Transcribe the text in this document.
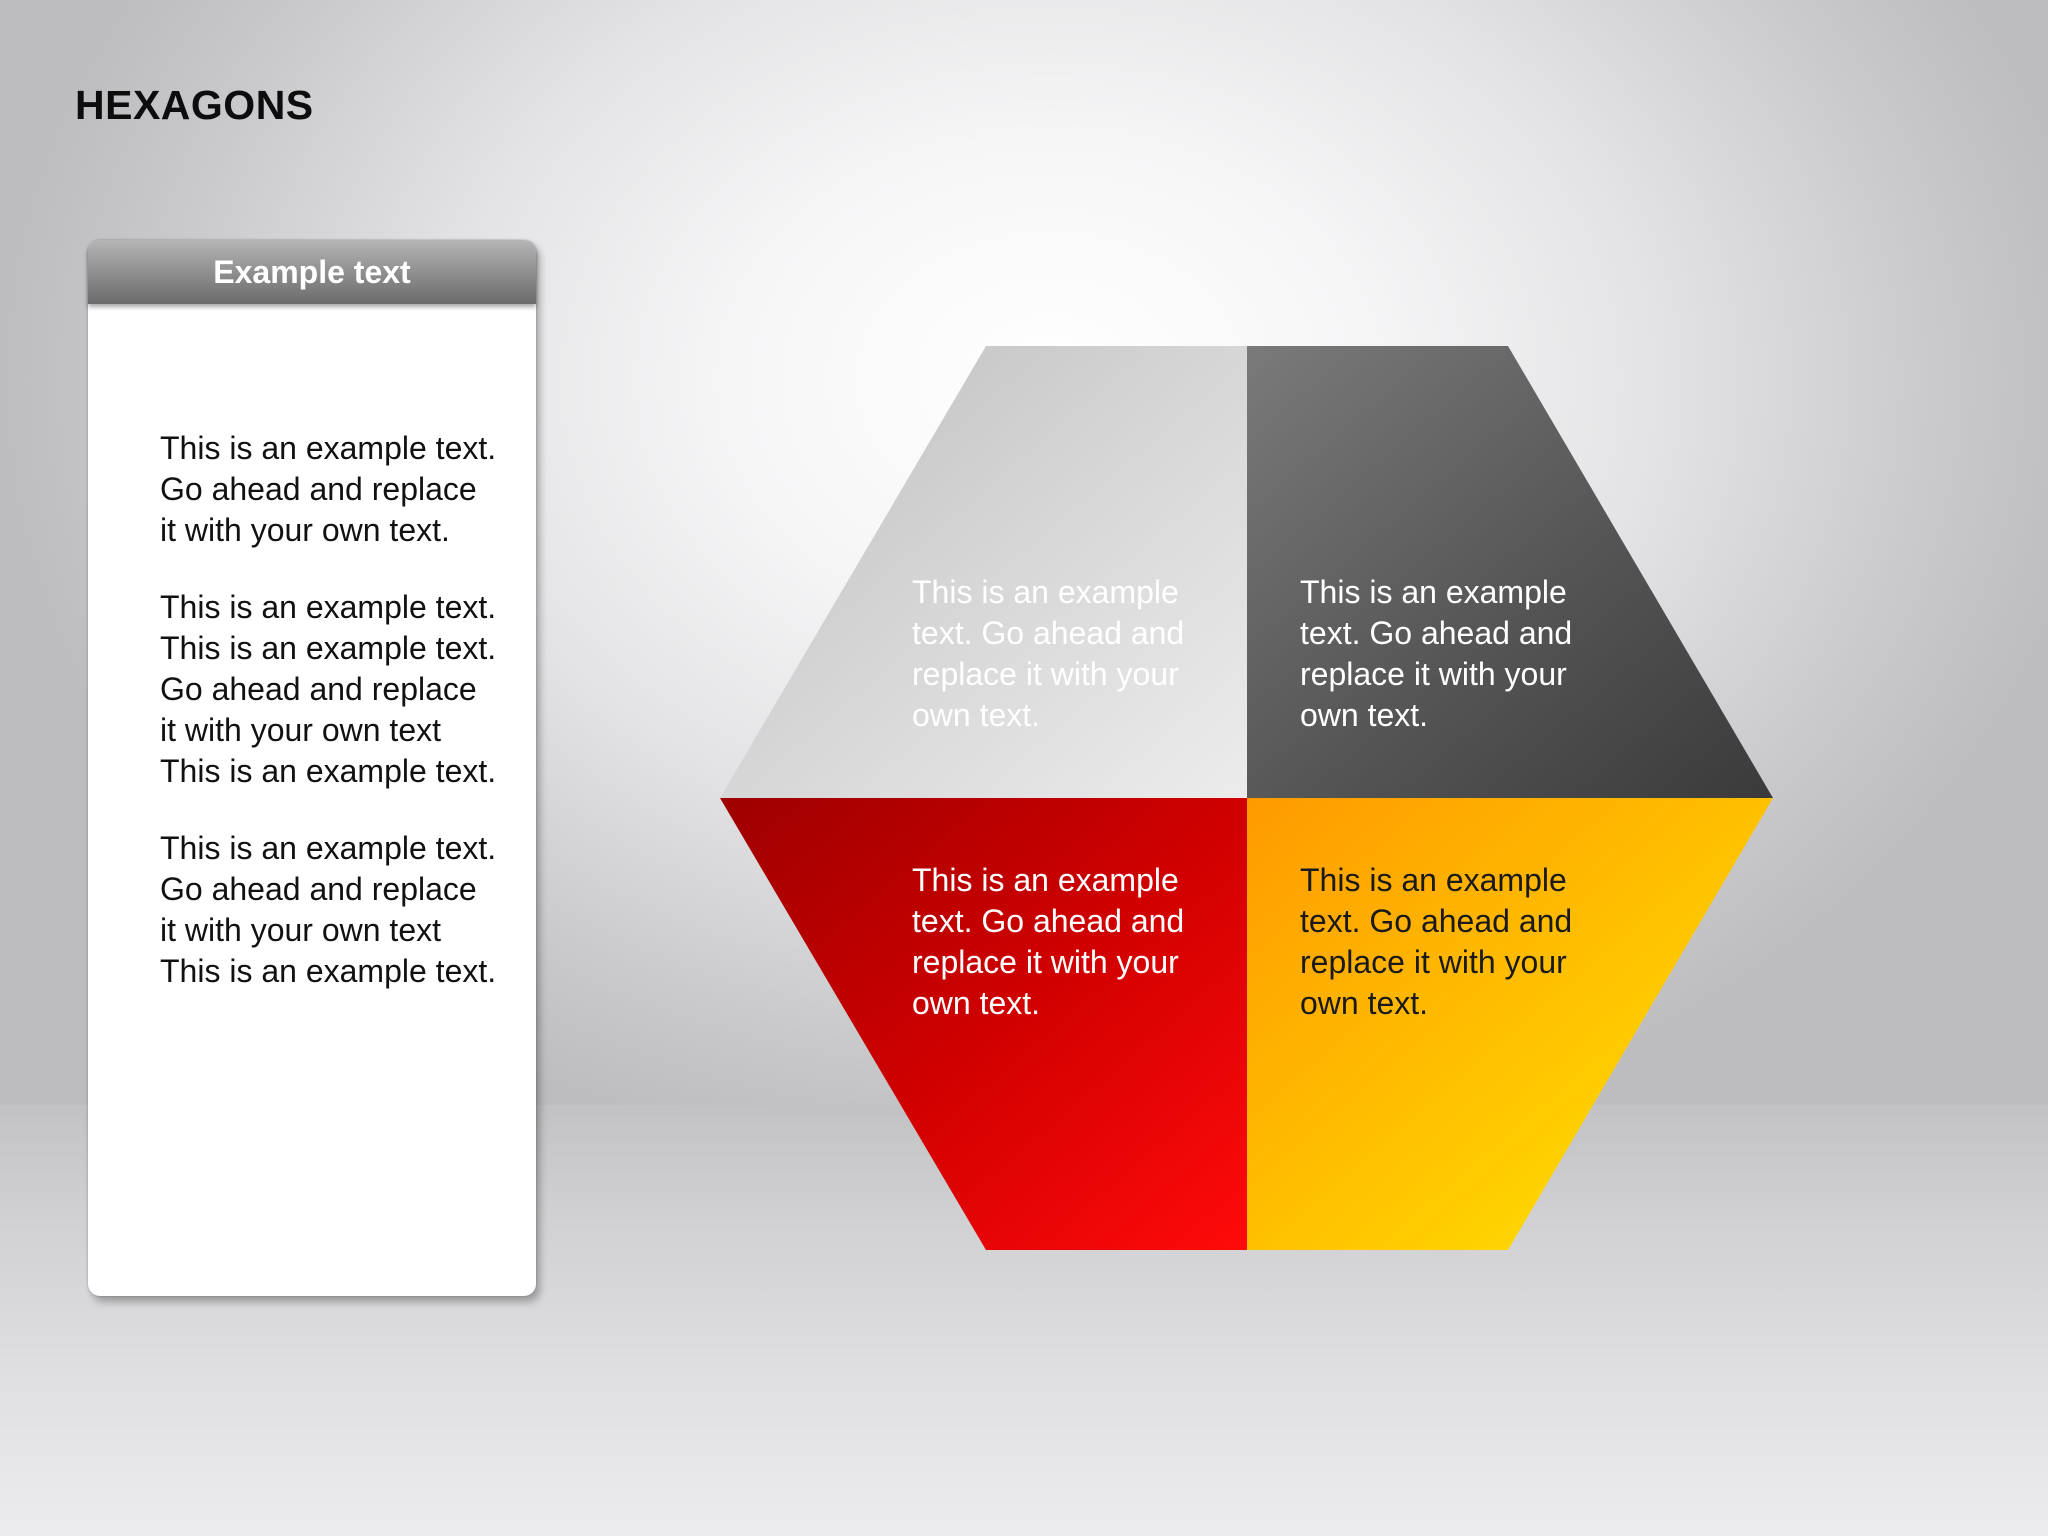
HEXAGONS
Example text

This is an example text. Go ahead and replace it with your own text.

This is an example text. This is an example text. Go ahead and replace it with your own text This is an example text.

This is an example text. Go ahead and replace it with your own text This is an example text.

This is an example text. Go ahead and replace it with your own text.

This is an example text. Go ahead and replace it with your own text.

This is an example text. Go ahead and replace it with your own text.

This is an example text. Go ahead and replace it with your own text.
